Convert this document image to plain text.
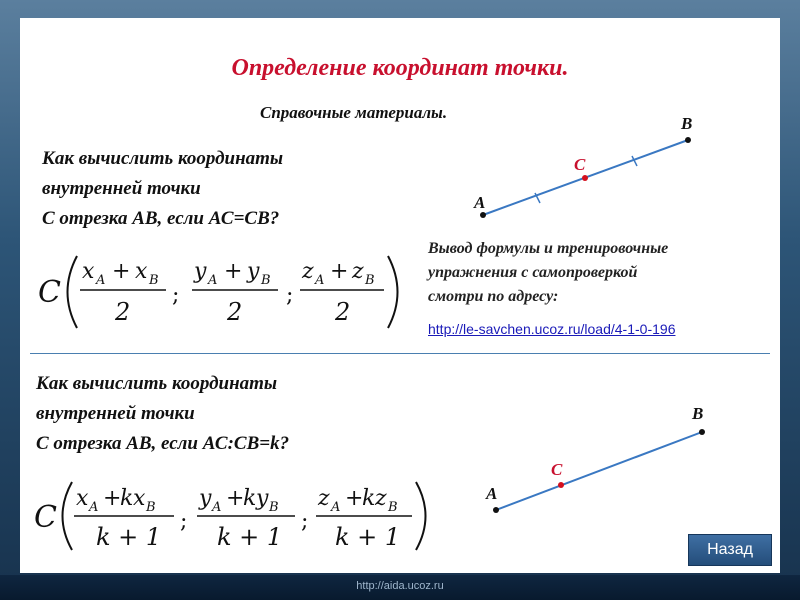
Определение координат точки.
Справочные материалы.
Как вычислить координаты
внутренней точки
С отрезка АВ, если АС=СВ?
Вывод формулы и тренировочные
упражнения с самопроверкой
смотри по адресу:
http://le-savchen.ucoz.ru/load/4-1-0-196
Как вычислить координаты
внутренней точки
С отрезка АВ, если АС:СВ=k?
A
B
C
A
B
C
C
x A + x B
2
;
y A + y B
2
;
z A + z B
2
C
x A +
k x B
k + 1
;
y A +
k y B
k + 1
;
z A +
k z B
k + 1	Назад
http://aida.ucoz.ru
